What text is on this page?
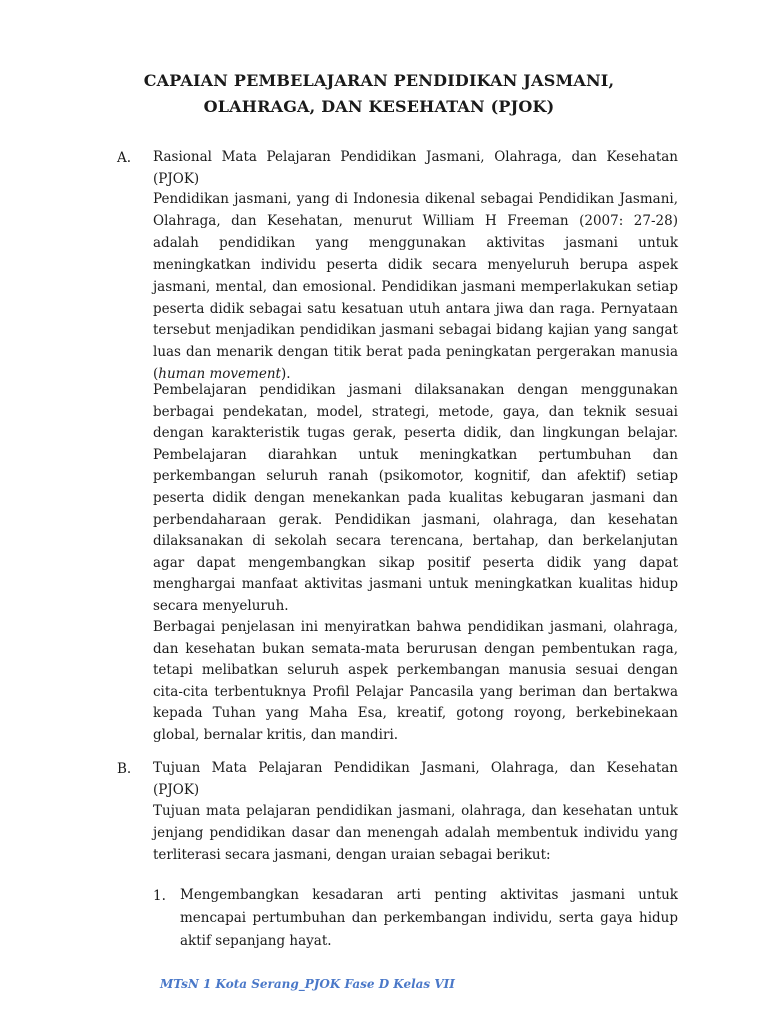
CAPAIAN PEMBELAJARAN PENDIDIKAN JASMANI,
OLAHRAGA, DAN KESEHATAN (PJOK)
A. Rasional Mata Pelajaran Pendidikan Jasmani, Olahraga, dan Kesehatan (PJOK)

Pendidikan jasmani, yang di Indonesia dikenal sebagai Pendidikan Jasmani, Olahraga, dan Kesehatan, menurut William H Freeman (2007: 27-28) adalah pendidikan yang menggunakan aktivitas jasmani untuk meningkatkan individu peserta didik secara menyeluruh berupa aspek jasmani, mental, dan emosional. Pendidikan jasmani memperlakukan setiap peserta didik sebagai satu kesatuan utuh antara jiwa dan raga. Pernyataan tersebut menjadikan pendidikan jasmani sebagai bidang kajian yang sangat luas dan menarik dengan titik berat pada peningkatan pergerakan manusia (human movement).

Pembelajaran pendidikan jasmani dilaksanakan dengan menggunakan berbagai pendekatan, model, strategi, metode, gaya, dan teknik sesuai dengan karakteristik tugas gerak, peserta didik, dan lingkungan belajar. Pembelajaran diarahkan untuk meningkatkan pertumbuhan dan perkembangan seluruh ranah (psikomotor, kognitif, dan afektif) setiap peserta didik dengan menekankan pada kualitas kebugaran jasmani dan perbendaharaan gerak. Pendidikan jasmani, olahraga, dan kesehatan dilaksanakan di sekolah secara terencana, bertahap, dan berkelanjutan agar dapat mengembangkan sikap positif peserta didik yang dapat menghargai manfaat aktivitas jasmani untuk meningkatkan kualitas hidup secara menyeluruh.

Berbagai penjelasan ini menyiratkan bahwa pendidikan jasmani, olahraga, dan kesehatan bukan semata-mata berurusan dengan pembentukan raga, tetapi melibatkan seluruh aspek perkembangan manusia sesuai dengan cita-cita terbentuknya Profil Pelajar Pancasila yang beriman dan bertakwa kepada Tuhan yang Maha Esa, kreatif, gotong royong, berkebinekaan global, bernalar kritis, dan mandiri.

B. Tujuan Mata Pelajaran Pendidikan Jasmani, Olahraga, dan Kesehatan (PJOK)

Tujuan mata pelajaran pendidikan jasmani, olahraga, dan kesehatan untuk jenjang pendidikan dasar dan menengah adalah membentuk individu yang terliterasi secara jasmani, dengan uraian sebagai berikut:

1. Mengembangkan kesadaran arti penting aktivitas jasmani untuk mencapai pertumbuhan dan perkembangan individu, serta gaya hidup aktif sepanjang hayat.

MTsN 1 Kota Serang_PJOK Fase D Kelas VII
